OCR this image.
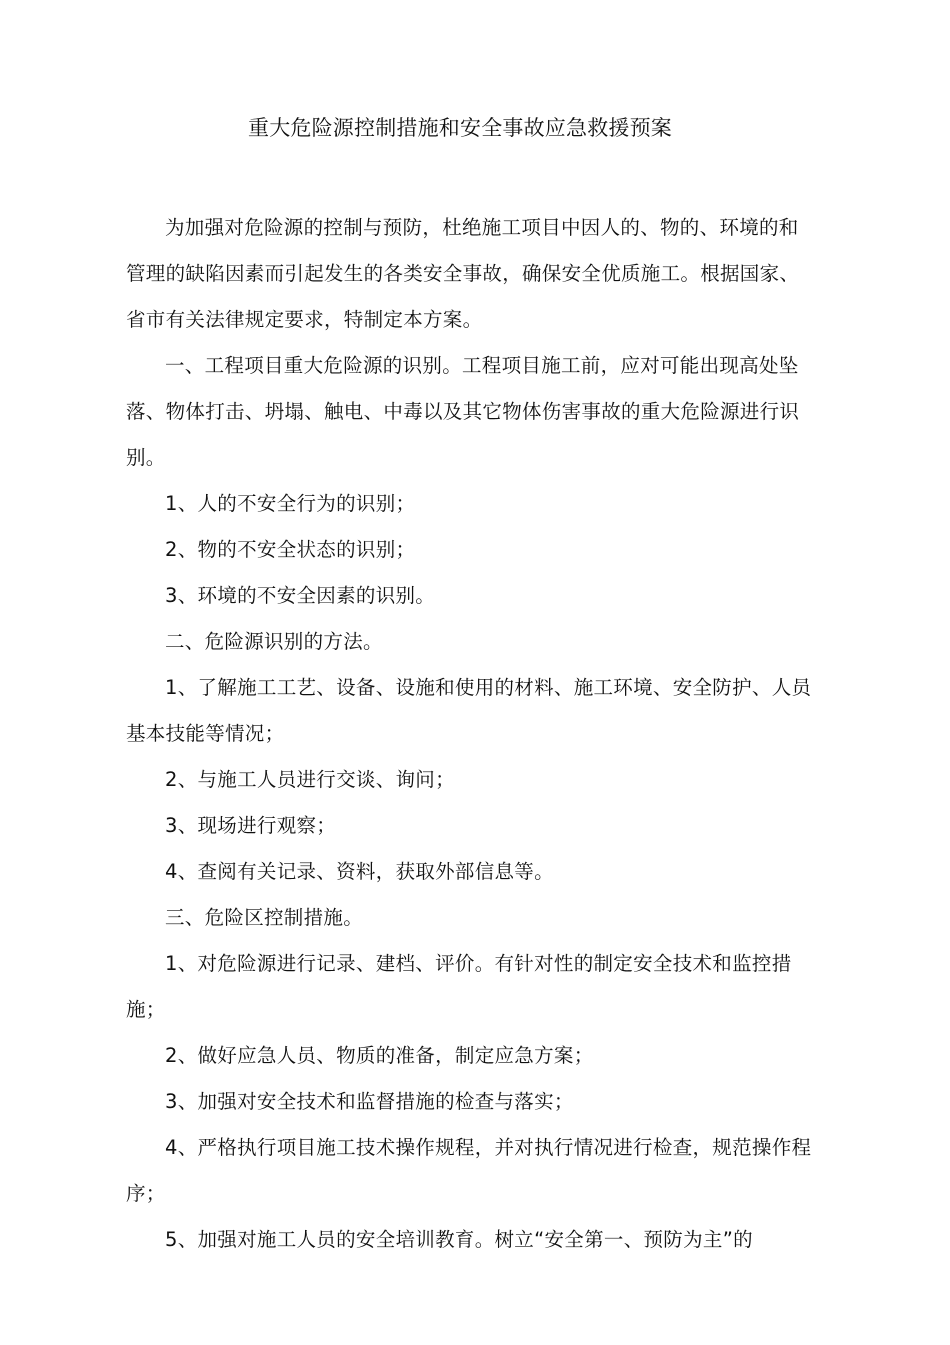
重大危险源控制措施和安全事故应急救援预案

为加强对危险源的控制与预防，杜绝施工项目中因人的、物的、环境的和管理的缺陷因素而引起发生的各类安全事故，确保安全优质施工。根据国家、省市有关法律规定要求，特制定本方案。

一、工程项目重大危险源的识别。工程项目施工前，应对可能出现高处坠落、物体打击、坍塌、触电、中毒以及其它物体伤害事故的重大危险源进行识别。

1、人的不安全行为的识别；

2、物的不安全状态的识别；

3、环境的不安全因素的识别。

二、危险源识别的方法。

1、了解施工工艺、设备、设施和使用的材料、施工环境、安全防护、人员基本技能等情况；

2、与施工人员进行交谈、询问；

3、现场进行观察；

4、查阅有关记录、资料，获取外部信息等。

三、危险区控制措施。

1、对危险源进行记录、建档、评价。有针对性的制定安全技术和监控措施；

2、做好应急人员、物质的准备，制定应急方案；

3、加强对安全技术和监督措施的检查与落实；

4、严格执行项目施工技术操作规程，并对执行情况进行检查，规范操作程序；

5、加强对施工人员的安全培训教育。树立“安全第一、预防为主”的
